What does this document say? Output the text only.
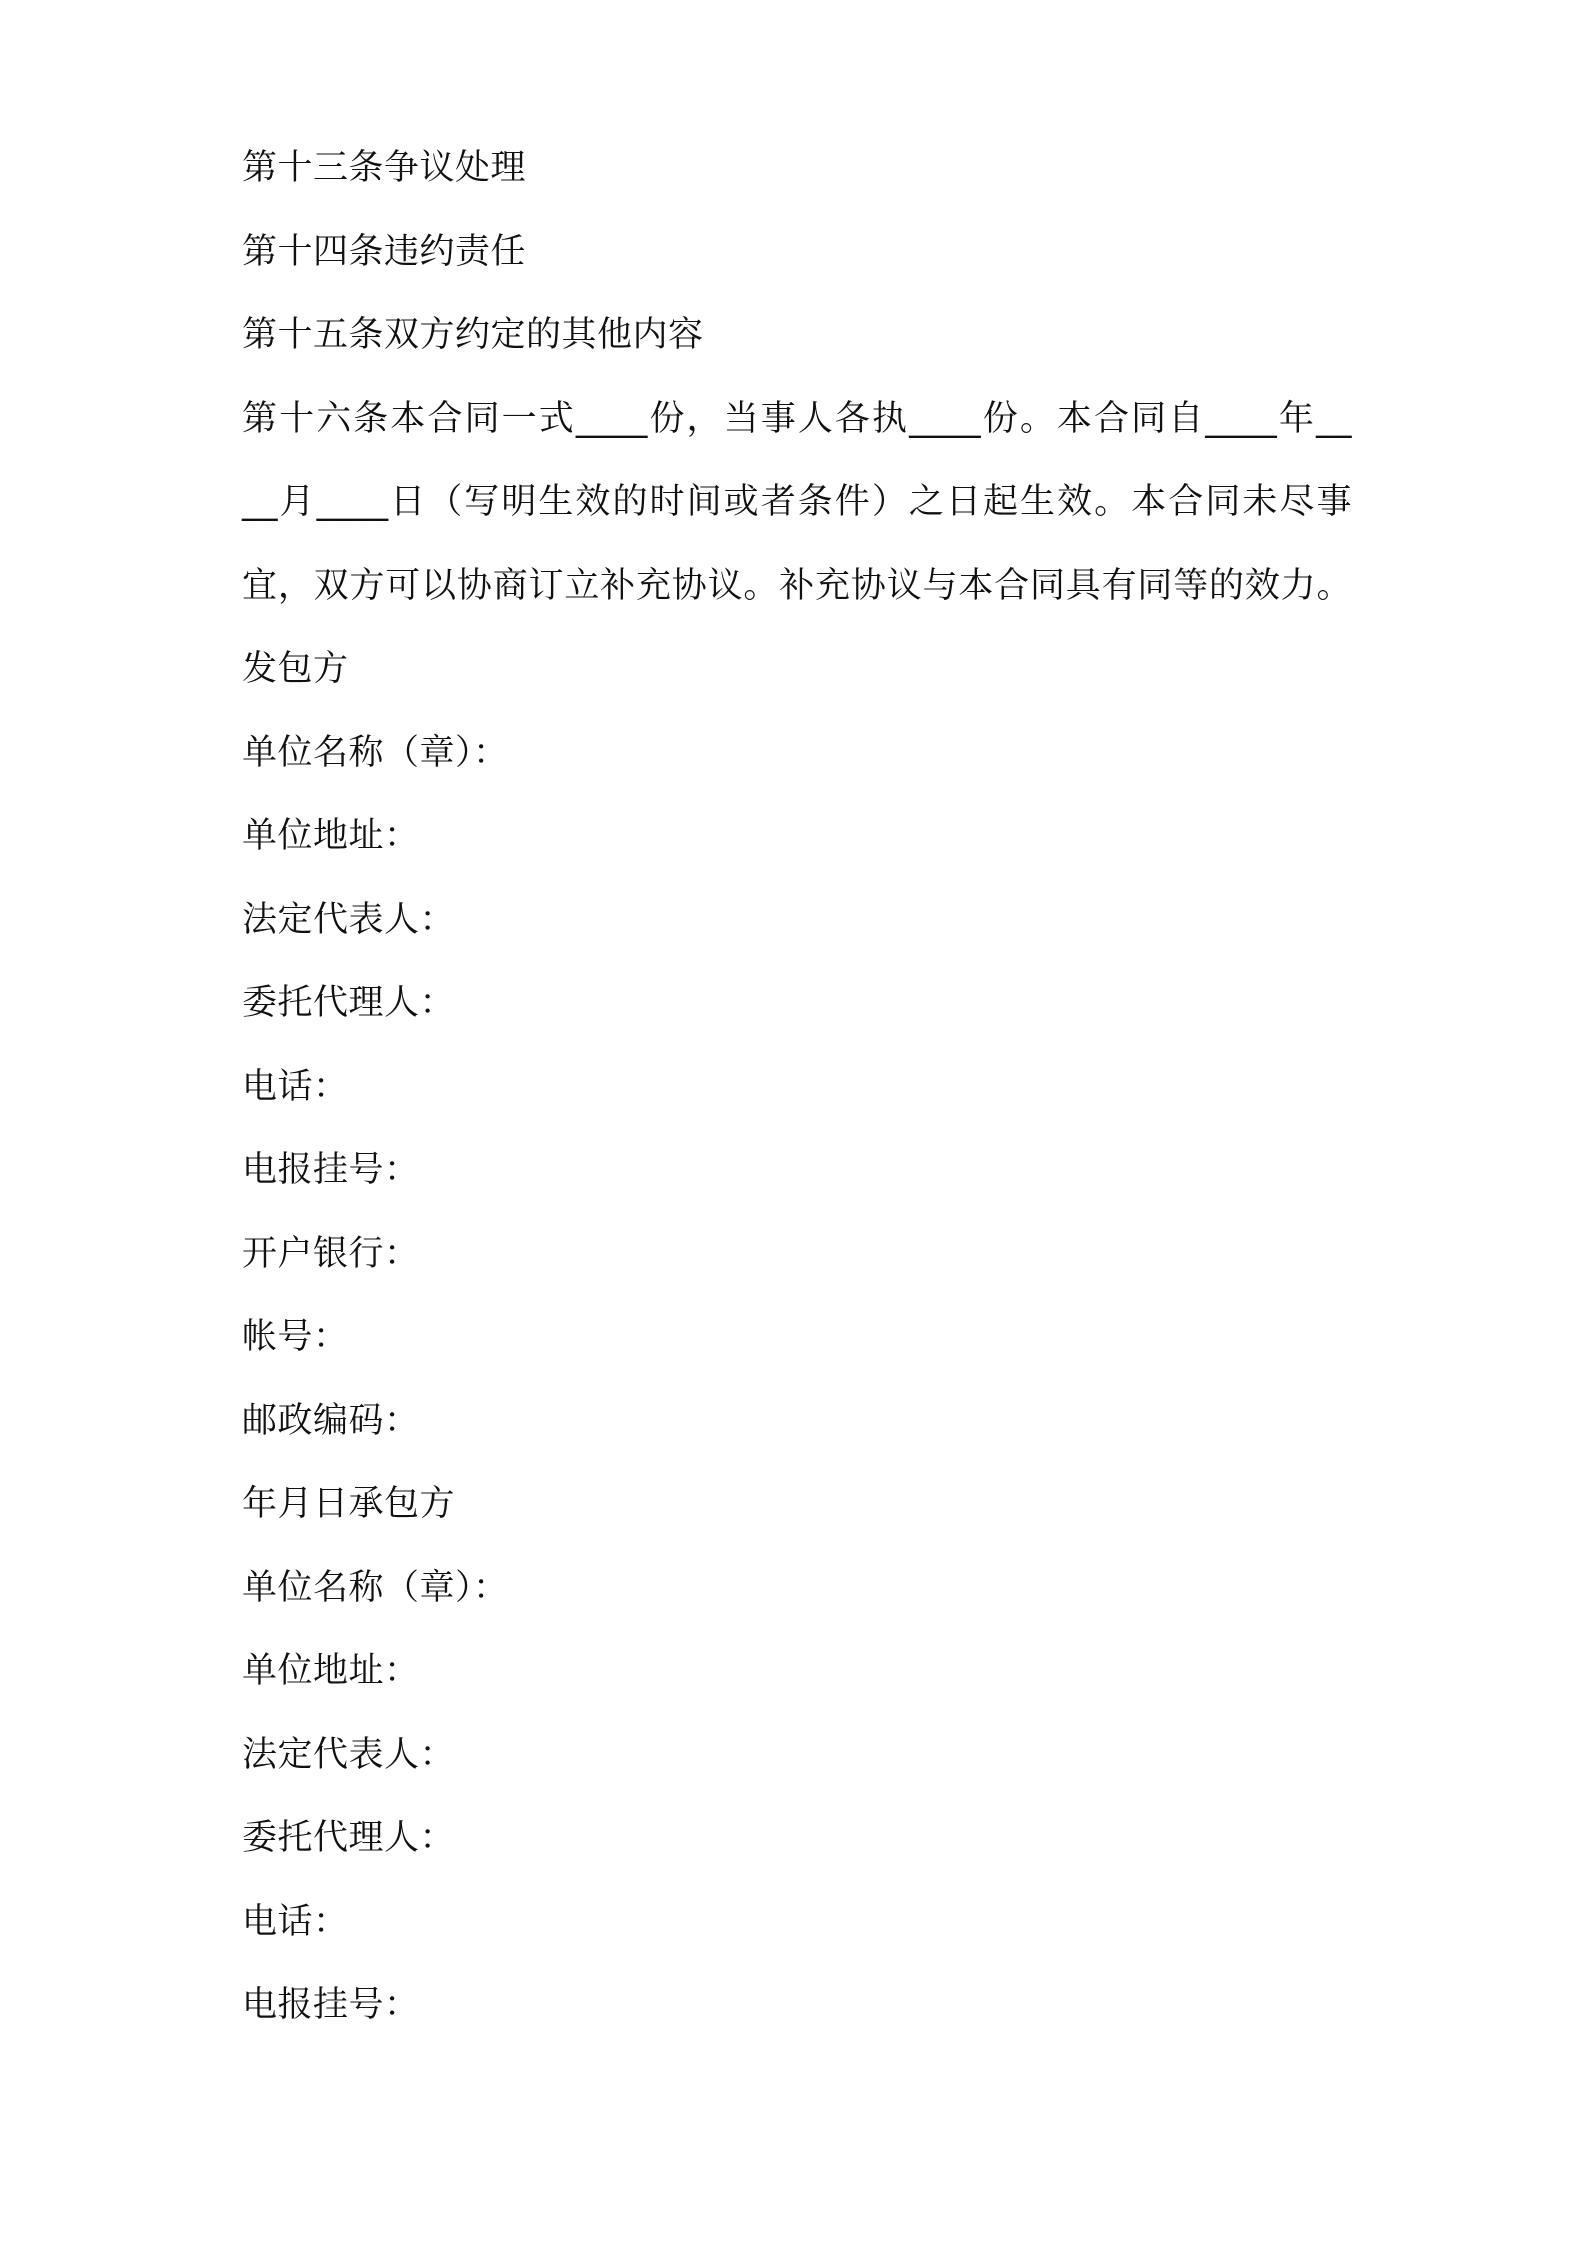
第十三条争议处理
第十四条违约责任
第十五条双方约定的其他内容
第十六条本合同一式____份，当事人各执____份。本合同自____年__
__月____日（写明生效的时间或者条件）之日起生效。本合同未尽事
宜，双方可以协商订立补充协议。补充协议与本合同具有同等的效力。
发包方
单位名称（章）：
单位地址：
法定代表人：
委托代理人：
电话：
电报挂号：
开户银行：
帐号：
邮政编码：
年月日承包方
单位名称（章）：
单位地址：
法定代表人：
委托代理人：
电话：
电报挂号：
